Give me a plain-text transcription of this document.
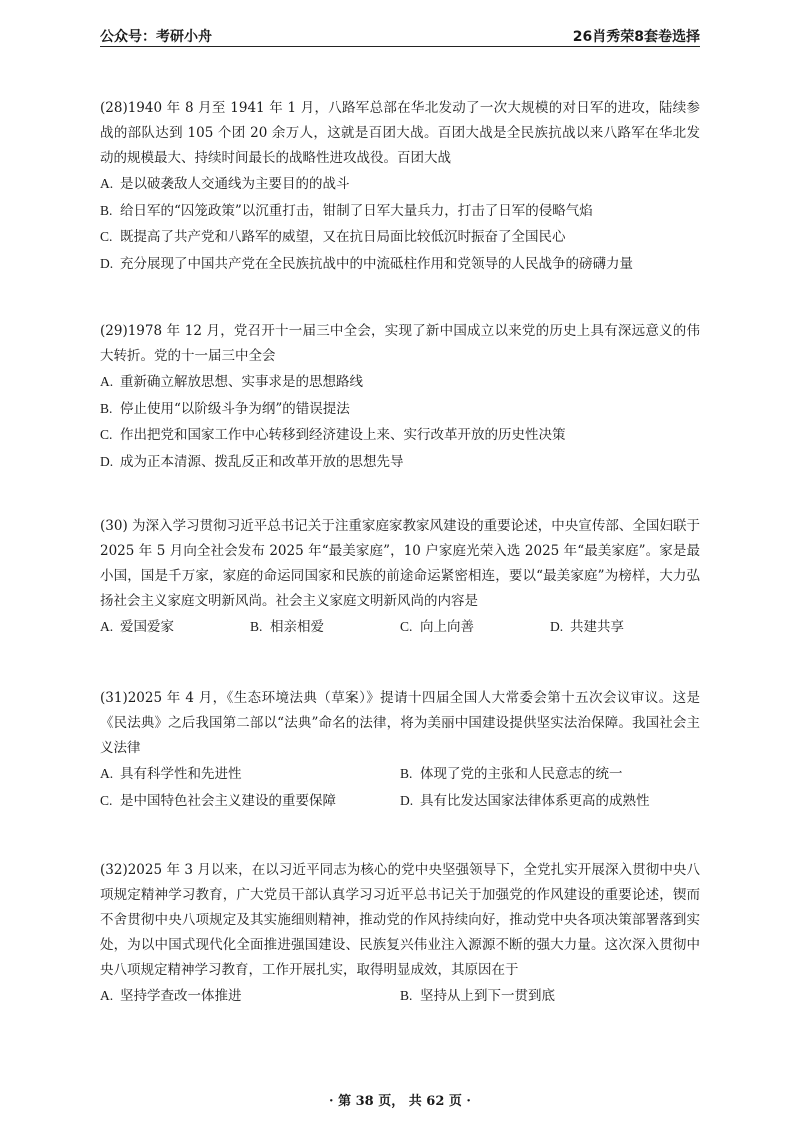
公众号：考研小舟	26肖秀荣8套卷选择
(28)1940 年 8 月至 1941 年 1 月，八路军总部在华北发动了一次大规模的对日军的进攻，陆续参战的部队达到 105 个团 20 余万人，这就是百团大战。百团大战是全民族抗战以来八路军在华北发动的规模最大、持续时间最长的战略性进攻战役。百团大战
A. 是以破袭敌人交通线为主要目的的战斗
B. 给日军的“囚笼政策”以沉重打击，钳制了日军大量兵力，打击了日军的侵略气焰
C. 既提高了共产党和八路军的威望，又在抗日局面比较低沉时振奋了全国民心
D. 充分展现了中国共产党在全民族抗战中的中流砥柱作用和党领导的人民战争的磅礴力量
(29)1978 年 12 月，党召开十一届三中全会，实现了新中国成立以来党的历史上具有深远意义的伟大转折。党的十一届三中全会
A. 重新确立解放思想、实事求是的思想路线
B. 停止使用“以阶级斗争为纲”的错误提法
C. 作出把党和国家工作中心转移到经济建设上来、实行改革开放的历史性决策
D. 成为正本清源、拨乱反正和改革开放的思想先导
(30) 为深入学习贯彻习近平总书记关于注重家庭家教家风建设的重要论述，中央宣传部、全国妇联于 2025 年 5 月向全社会发布 2025 年“最美家庭”，10 户家庭光荣入选 2025 年“最美家庭”。家是最小国，国是千万家，家庭的命运同国家和民族的前途命运紧密相连，要以“最美家庭”为榜样，大力弘扬社会主义家庭文明新风尚。社会主义家庭文明新风尚的内容是
A. 爱国爱家	B. 相亲相爱	C. 向上向善	D. 共建共享
(31)2025 年 4 月，《生态环境法典（草案）》提请十四届全国人大常委会第十五次会议审议。这是《民法典》之后我国第二部以“法典”命名的法律，将为美丽中国建设提供坚实法治保障。我国社会主义法律
A. 具有科学性和先进性	B. 体现了党的主张和人民意志的统一
C. 是中国特色社会主义建设的重要保障	D. 具有比发达国家法律体系更高的成熟性
(32)2025 年 3 月以来，在以习近平同志为核心的党中央坚强领导下，全党扎实开展深入贯彻中央八项规定精神学习教育，广大党员干部认真学习习近平总书记关于加强党的作风建设的重要论述，锲而不舍贯彻中央八项规定及其实施细则精神，推动党的作风持续向好，推动党中央各项决策部署落到实处，为以中国式现代化全面推进强国建设、民族复兴伟业注入源源不断的强大力量。这次深入贯彻中央八项规定精神学习教育，工作开展扎实，取得明显成效，其原因在于
A. 坚持学查改一体推进	B. 坚持从上到下一贯到底
· 第 38 页， 共 62 页 ·
